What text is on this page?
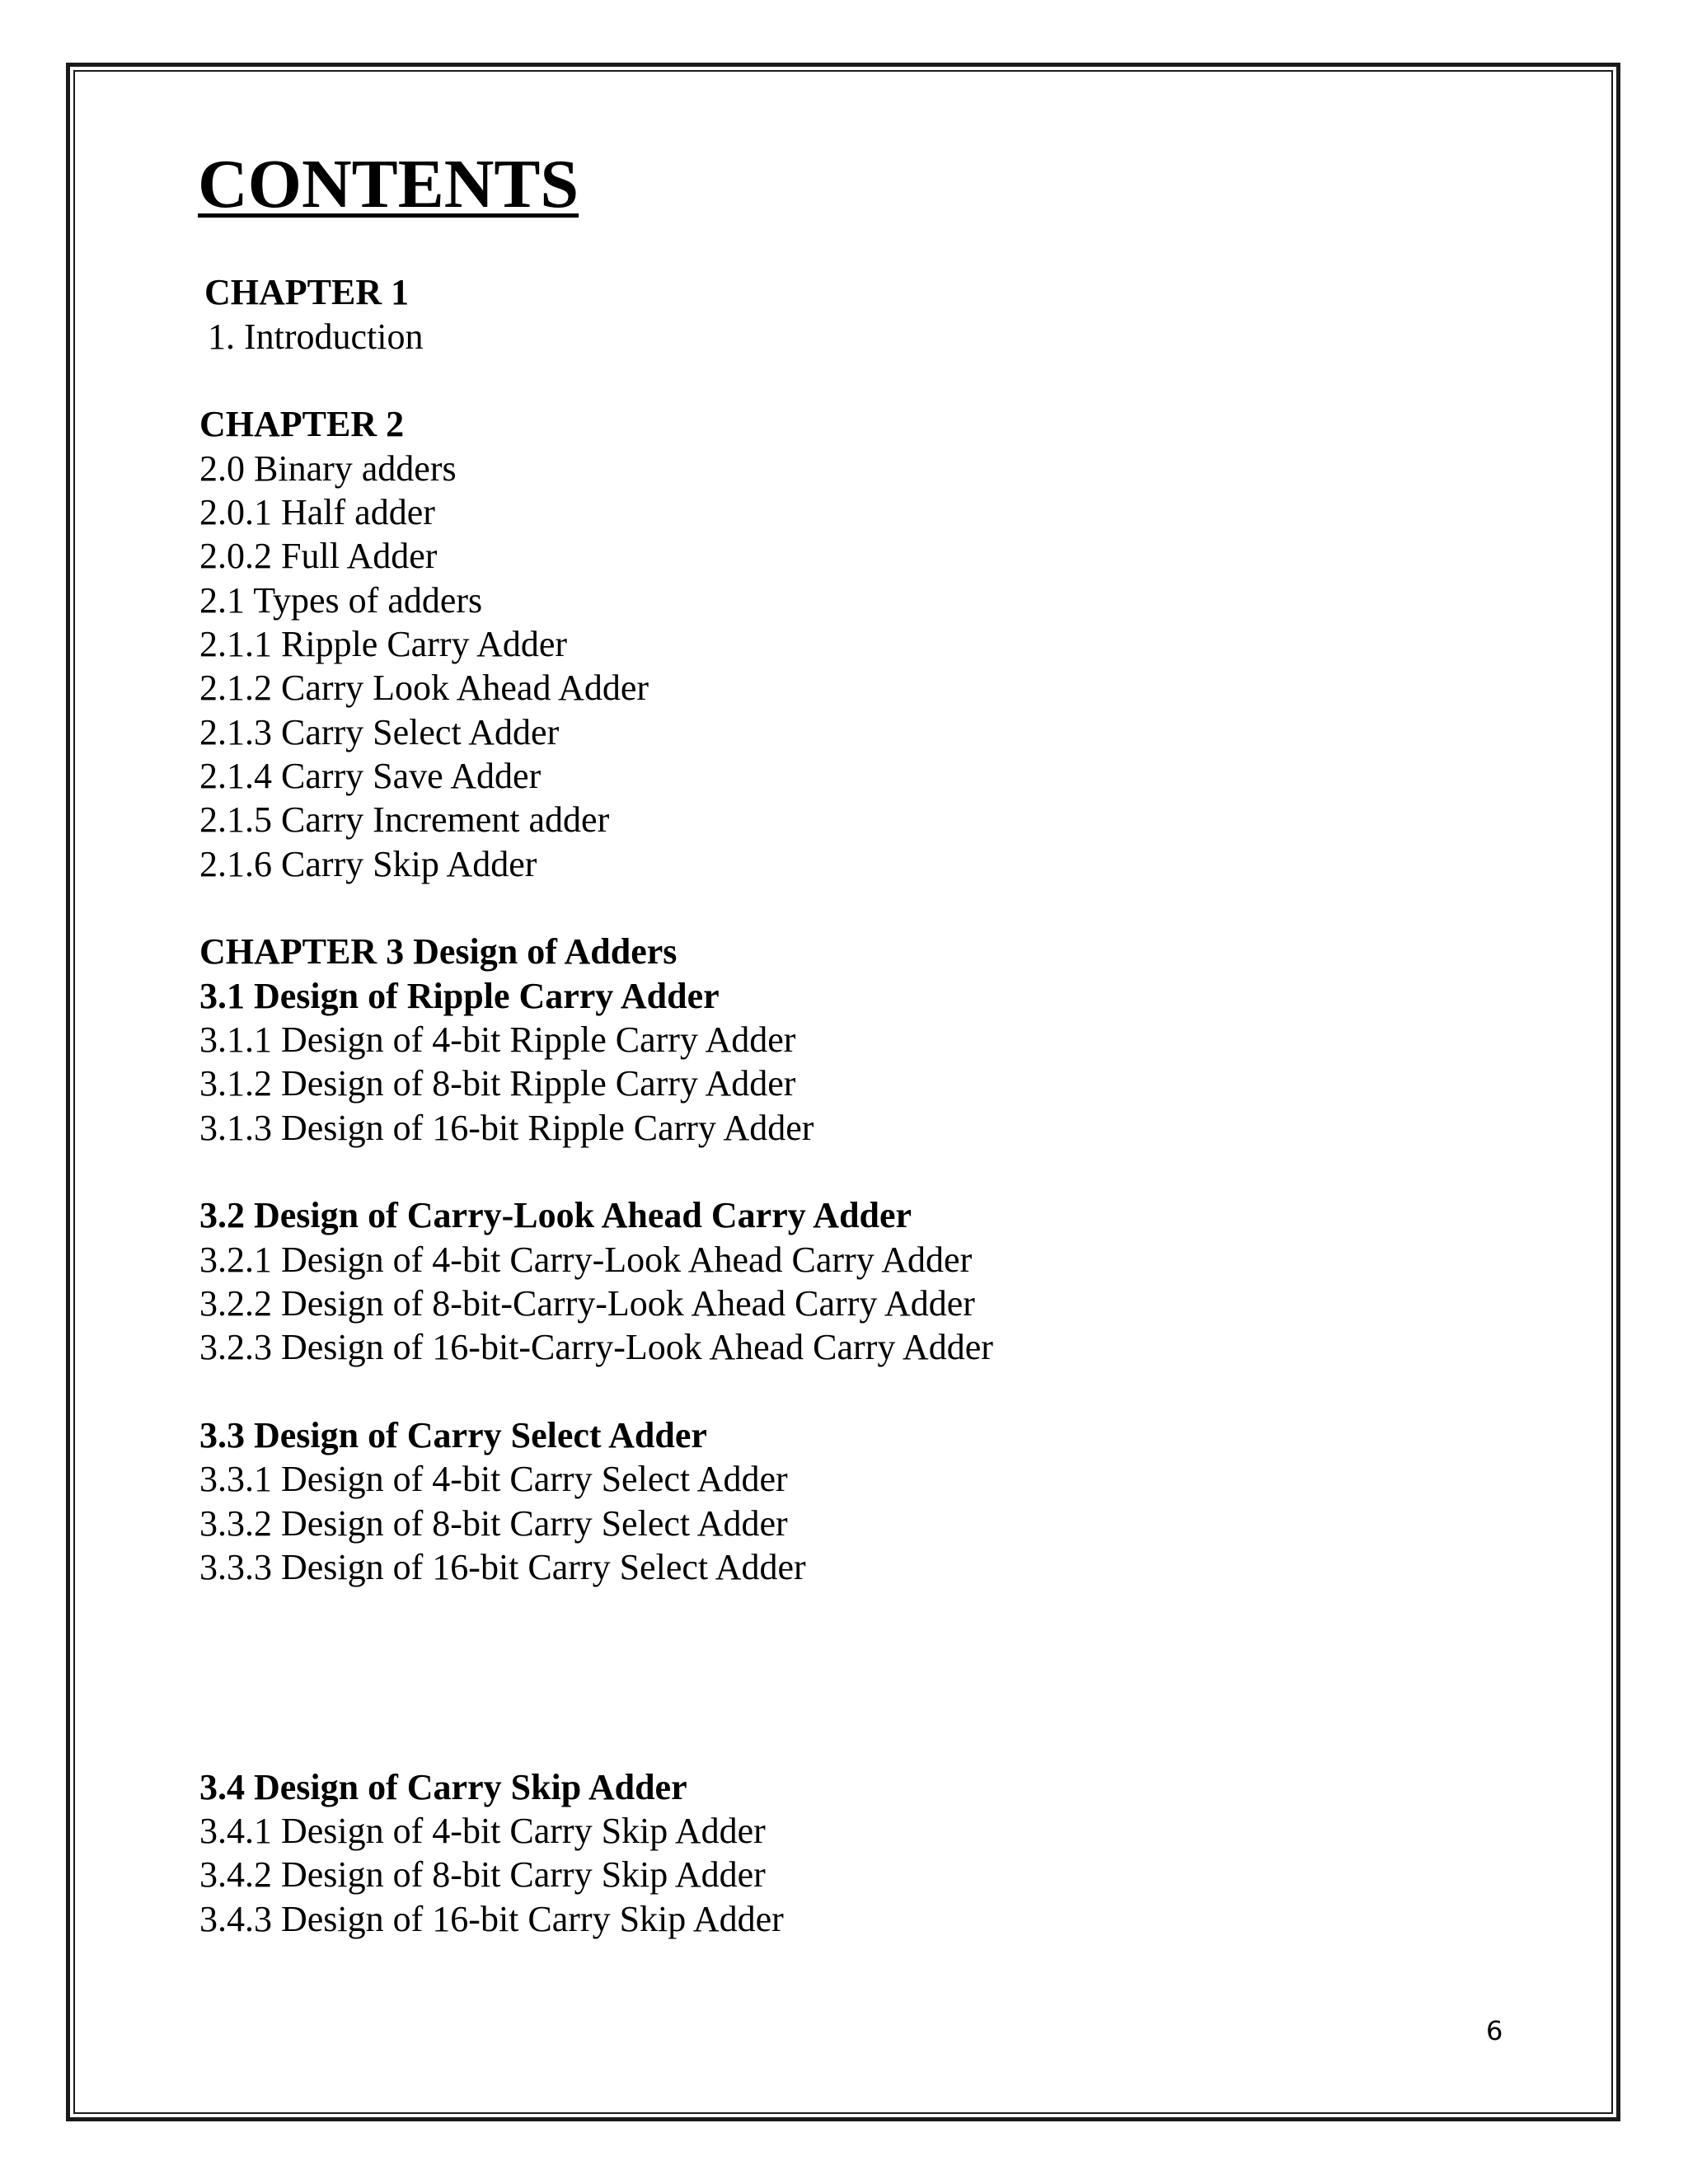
CONTENTS
CHAPTER 1
1. Introduction
CHAPTER 2
2.0 Binary adders
2.0.1 Half adder
2.0.2 Full Adder
2.1 Types of adders
2.1.1 Ripple Carry Adder
2.1.2 Carry Look Ahead Adder
2.1.3 Carry Select Adder
2.1.4 Carry Save Adder
2.1.5 Carry Increment adder
2.1.6 Carry Skip Adder
CHAPTER 3 Design of Adders
3.1 Design of Ripple Carry Adder
3.1.1 Design of 4-bit Ripple Carry Adder
3.1.2 Design of 8-bit Ripple Carry Adder
3.1.3 Design of 16-bit Ripple Carry Adder
3.2 Design of Carry-Look Ahead Carry Adder
3.2.1 Design of 4-bit Carry-Look Ahead Carry Adder
3.2.2 Design of 8-bit-Carry-Look Ahead Carry Adder
3.2.3 Design of 16-bit-Carry-Look Ahead Carry Adder
3.3 Design of Carry Select Adder
3.3.1 Design of 4-bit Carry Select Adder
3.3.2 Design of 8-bit Carry Select Adder
3.3.3 Design of 16-bit Carry Select Adder
3.4 Design of Carry Skip Adder
3.4.1 Design of 4-bit Carry Skip Adder
3.4.2 Design of 8-bit Carry Skip Adder
3.4.3 Design of 16-bit Carry Skip Adder
6
